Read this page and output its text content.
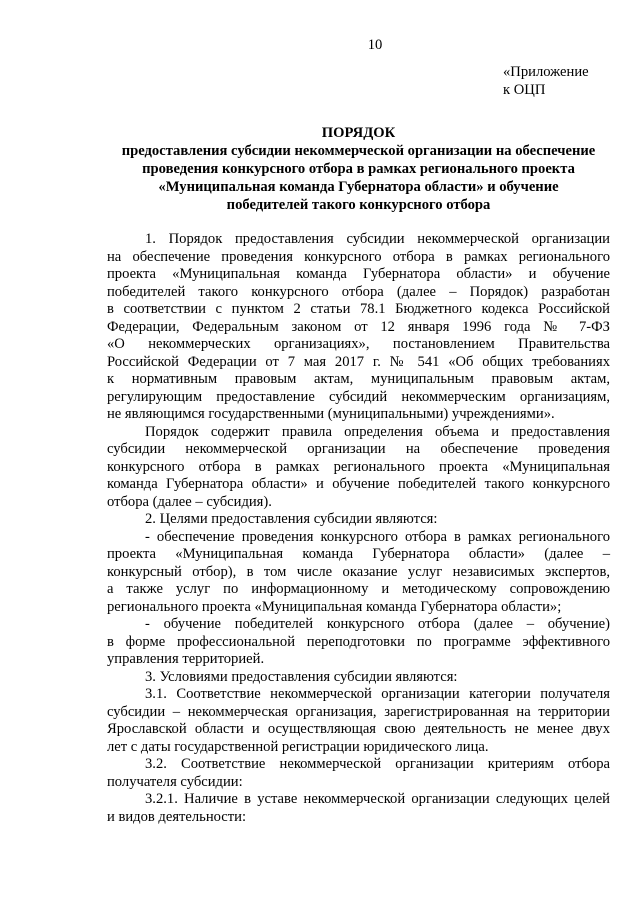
10
«Приложение
к ОЦП
ПОРЯДОК
предоставления субсидии некоммерческой организации на обеспечение
проведения конкурсного отбора в рамках регионального проекта
«Муниципальная команда Губернатора области» и обучение
победителей такого конкурсного отбора
1. Порядок предоставления субсидии некоммерческой организации
на обеспечение проведения конкурсного отбора в рамках регионального
проекта «Муниципальная команда Губернатора области» и обучение
победителей такого конкурсного отбора (далее – Порядок) разработан
в соответствии с пунктом 2 статьи 78.1 Бюджетного кодекса Российской
Федерации, Федеральным законом от 12 января 1996 года № 7-ФЗ
«О некоммерческих организациях», постановлением Правительства
Российской Федерации от 7 мая 2017 г. № 541 «Об общих требованиях
к нормативным правовым актам, муниципальным правовым актам,
регулирующим предоставление субсидий некоммерческим организациям,
не являющимся государственными (муниципальными) учреждениями».
Порядок содержит правила определения объема и предоставления
субсидии некоммерческой организации на обеспечение проведения
конкурсного отбора в рамках регионального проекта «Муниципальная
команда Губернатора области» и обучение победителей такого конкурсного
отбора (далее – субсидия).
2. Целями предоставления субсидии являются:
- обеспечение проведения конкурсного отбора в рамках регионального
проекта «Муниципальная команда Губернатора области» (далее –
конкурсный отбор), в том числе оказание услуг независимых экспертов,
а также услуг по информационному и методическому сопровождению
регионального проекта «Муниципальная команда Губернатора области»;
- обучение победителей конкурсного отбора (далее – обучение)
в форме профессиональной переподготовки по программе эффективного
управления территорией.
3. Условиями предоставления субсидии являются:
3.1. Соответствие некоммерческой организации категории получателя
субсидии – некоммерческая организация, зарегистрированная на территории
Ярославской области и осуществляющая свою деятельность не менее двух
лет с даты государственной регистрации юридического лица.
3.2. Соответствие некоммерческой организации критериям отбора
получателя субсидии:
3.2.1. Наличие в уставе некоммерческой организации следующих целей
и видов деятельности:
